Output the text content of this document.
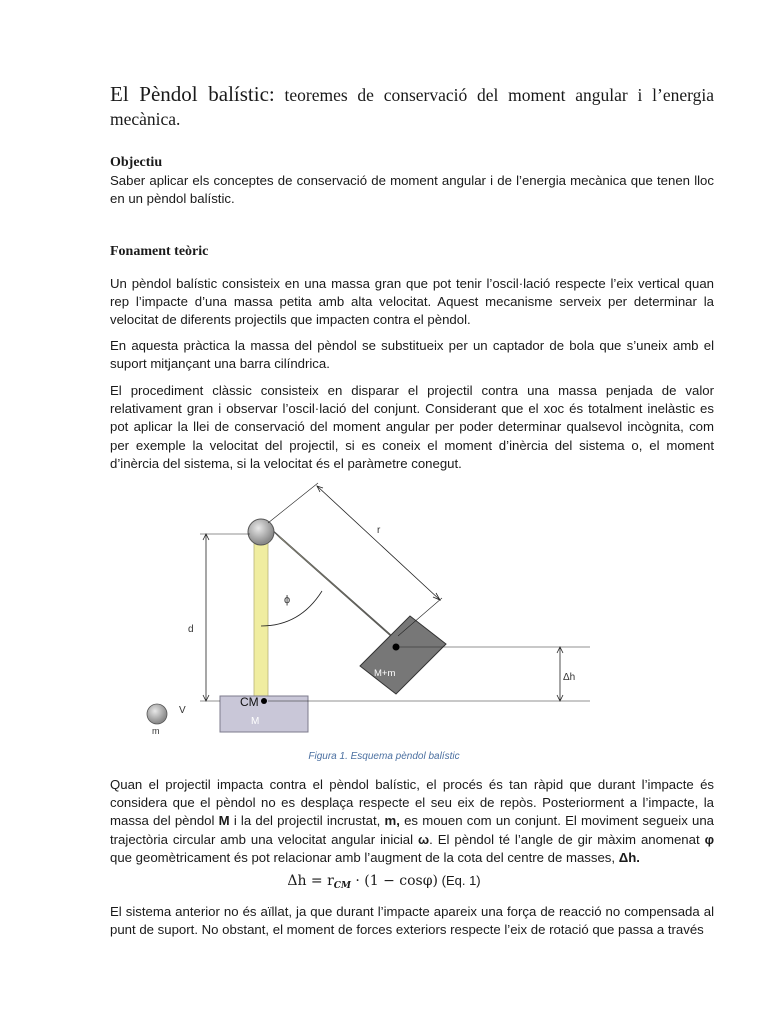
El Pèndol balístic: teoremes de conservació del moment angular i l’energia mecànica.
Objectiu

Saber aplicar els conceptes de conservació de moment angular i de l’energia mecànica que tenen lloc en un pèndol balístic.

Fonament teòric

Un pèndol balístic consisteix en una massa gran que pot tenir l’oscil·lació respecte l’eix vertical quan rep l’impacte d’una massa petita amb alta velocitat. Aquest mecanisme serveix per determinar la velocitat de diferents projectils que impacten contra el pèndol.

En aquesta pràctica la massa del pèndol se substitueix per un captador de bola que s’uneix amb el suport mitjançant una barra cilíndrica.

El procediment clàssic consisteix en disparar el projectil contra una massa penjada de valor relativament gran i observar l’oscil·lació del conjunt. Considerant que el xoc és totalment inelàstic es pot aplicar la llei de conservació del moment angular per poder determinar qualsevol incògnita, com per exemple la velocitat del projectil, si es coneix el moment d’inèrcia del sistema o, el moment d’inèrcia del sistema, si la velocitat és el paràmetre conegut.

r
ϕ
d
Δh
M+m
CM
M
V
m
Figura 1. Esquema pèndol balístic

Quan el projectil impacta contra el pèndol balístic, el procés és tan ràpid que durant l’impacte és considera que el pèndol no es desplaça respecte el seu eix de repòs. Posteriorment a l’impacte, la massa del pèndol M i la del projectil incrustat, m, es mouen com un conjunt. El moviment segueix una trajectòria circular amb una velocitat angular inicial ω. El pèndol té l’angle de gir màxim anomenat φ que geomètricament és pot relacionar amb l’augment de la cota del centre de masses, Δh.

$\Delta h = r_{CM} \cdot (1 - \cos\varphi)$ (Eq. 1)

El sistema anterior no és aïllat, ja que durant l’impacte apareix una força de reacció no compensada al punt de suport. No obstant, el moment de forces exteriors respecte l’eix de rotació que passa a través
